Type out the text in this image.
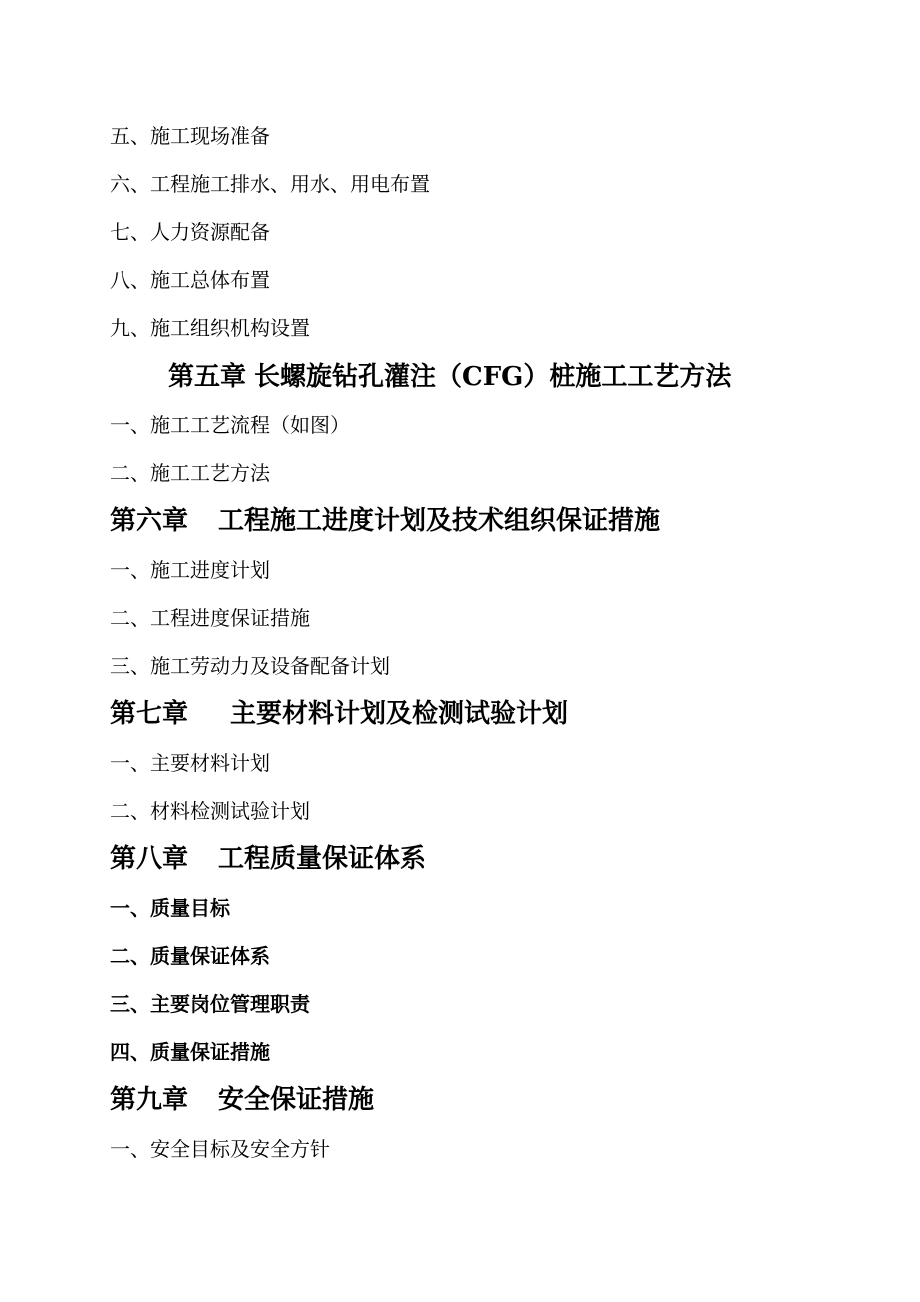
五、施工现场准备
六、工程施工排水、用水、用电布置
七、人力资源配备
八、施工总体布置
九、施工组织机构设置
第五章 长螺旋钻孔灌注（CFG）桩施工工艺方法
一、施工工艺流程（如图）
二、施工工艺方法
第六章 工程施工进度计划及技术组织保证措施
一、施工进度计划
二、工程进度保证措施
三、施工劳动力及设备配备计划
第七章 主要材料计划及检测试验计划
一、主要材料计划
二、材料检测试验计划
第八章 工程质量保证体系
一、质量目标
二、质量保证体系
三、主要岗位管理职责
四、质量保证措施
第九章 安全保证措施
一、安全目标及安全方针
